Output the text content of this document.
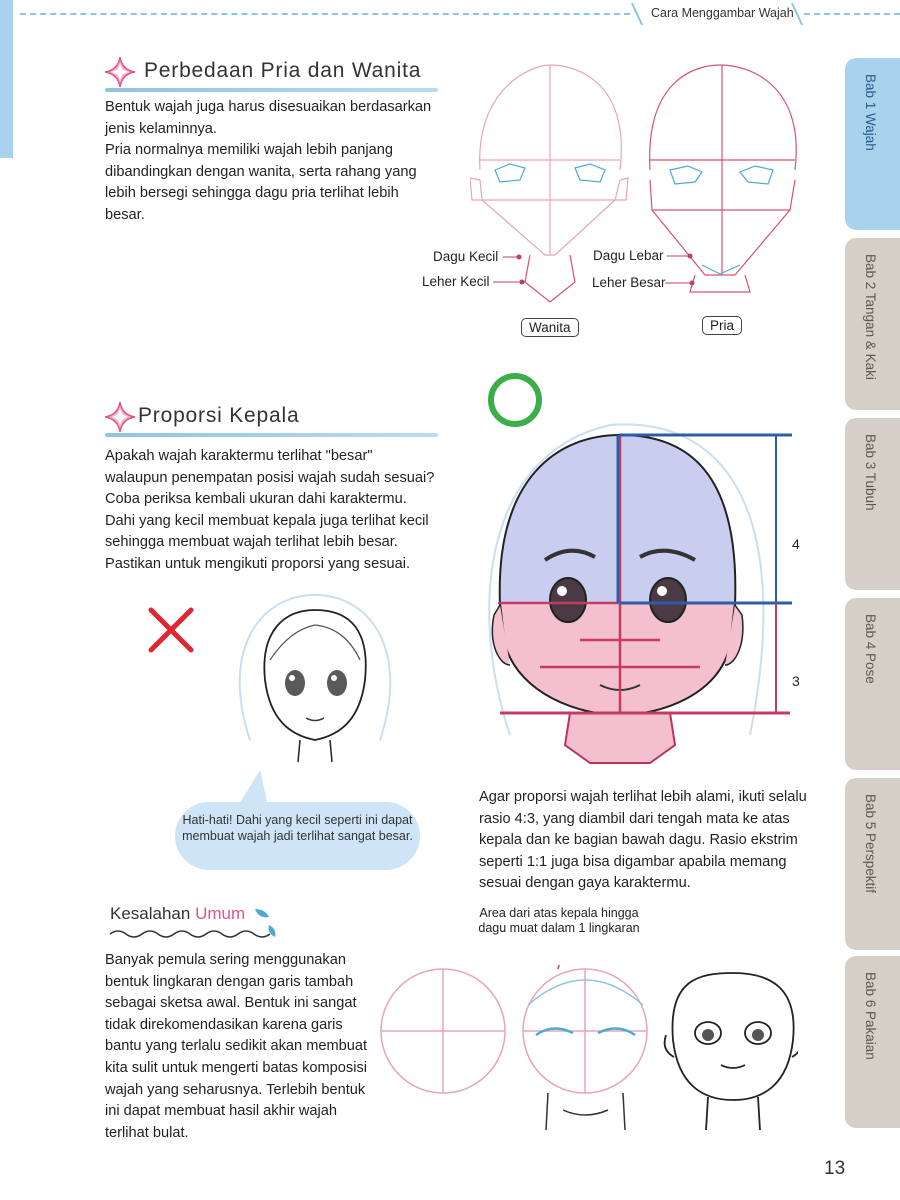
Cara Menggambar Wajah
Perbedaan Pria dan Wanita
Bentuk wajah juga harus disesuaikan berdasarkan jenis kelaminnya.
Pria normalnya memiliki wajah lebih panjang dibandingkan dengan wanita, serta rahang yang lebih bersegi sehingga dagu pria terlihat lebih besar.
Dagu Kecil
Leher Kecil
Dagu Lebar
Leher Besar
Wanita	Pria
Proporsi Kepala
Apakah wajah karaktermu terlihat "besar" walaupun penempatan posisi wajah sudah sesuai? Coba periksa kembali ukuran dahi karaktermu.
Dahi yang kecil membuat kepala juga terlihat kecil sehingga membuat wajah terlihat lebih besar. Pastikan untuk mengikuti proporsi yang sesuai.
4
3
Hati-hati! Dahi yang kecil seperti ini dapat membuat wajah jadi terlihat sangat besar.
Agar proporsi wajah terlihat lebih alami, ikuti selalu rasio 4:3, yang diambil dari tengah mata ke atas kepala dan ke bagian bawah dagu. Rasio ekstrim seperti 1:1 juga bisa digambar apabila memang sesuai dengan gaya karaktermu.
Kesalahan Umum
Banyak pemula sering menggunakan bentuk lingkaran dengan garis tambah sebagai sketsa awal. Bentuk ini sangat tidak direkomendasikan karena garis bantu yang terlalu sedikit akan membuat kita sulit untuk mengerti batas komposisi wajah yang seharusnya. Terlebih bentuk ini dapat membuat hasil akhir wajah terlihat bulat.
Area dari atas kepala hingga dagu muat dalam 1 lingkaran
Bab 1 Wajah
Bab 2 Tangan & Kaki
Bab 3 Tubuh
Bab 4 Pose
Bab 5 Perspektif
Bab 6 Pakaian
13
